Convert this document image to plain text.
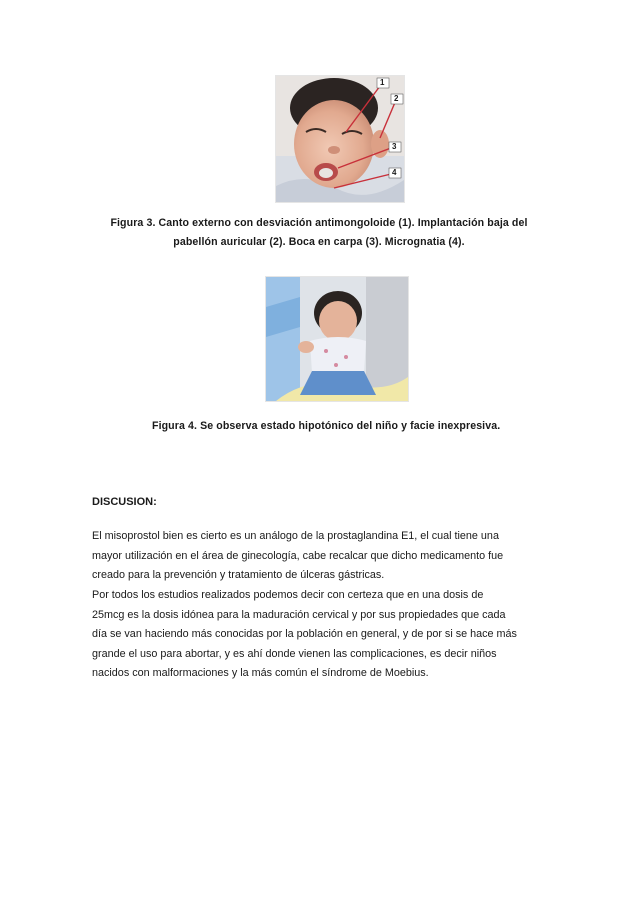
1
2
3
4
Figura 3. Canto externo con desviación antimongoloide (1). Implantación baja del
pabellón auricular (2). Boca en carpa (3). Micrognatia (4).
Figura 4. Se observa estado hipotónico del niño y facie inexpresiva.
DISCUSION:
El misoprostol bien es cierto es un análogo de la prostaglandina E1, el cual tiene una
mayor utilización en el área de ginecología, cabe recalcar que dicho medicamento fue
creado para la prevención y tratamiento de úlceras gástricas.
Por todos los estudios realizados podemos decir con certeza que en una dosis de
25mcg es la dosis idónea para la maduración cervical y por sus propiedades que cada
día se van haciendo más conocidas por la población en general, y de por si se hace más
grande el uso para abortar, y es ahí donde vienen las complicaciones, es decir niños
nacidos con malformaciones y la más común el síndrome de Moebius.
